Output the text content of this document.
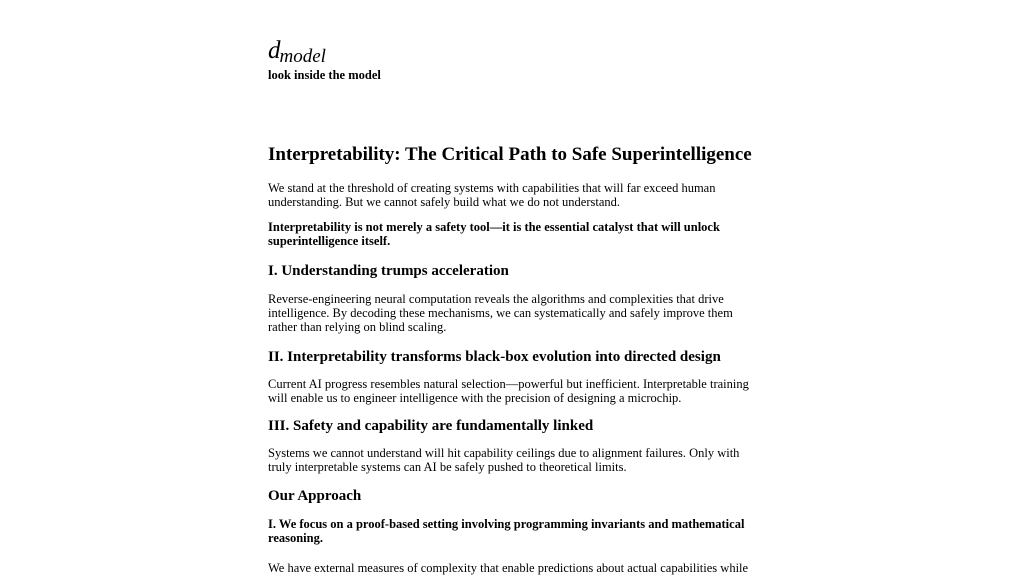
dmodel
look inside the model
Interpretability: The Critical Path to Safe Superintelligence

We stand at the threshold of creating systems with capabilities that will far exceed human understanding. But we cannot safely build what we do not understand.

Interpretability is not merely a safety tool—it is the essential catalyst that will unlock superintelligence itself.

I. Understanding trumps acceleration

Reverse-engineering neural computation reveals the algorithms and complexities that drive intelligence. By decoding these mechanisms, we can systematically and safely improve them rather than relying on blind scaling.

II. Interpretability transforms black-box evolution into directed design

Current AI progress resembles natural selection—powerful but inefficient. Interpretable training will enable us to engineer intelligence with the precision of designing a microchip.

III. Safety and capability are fundamentally linked

Systems we cannot understand will hit capability ceilings due to alignment failures. Only with truly interpretable systems can AI be safely pushed to theoretical limits.

Our Approach

I. We focus on a proof-based setting involving programming invariants and mathematical reasoning.

We have external measures of complexity that enable predictions about actual capabilities while
